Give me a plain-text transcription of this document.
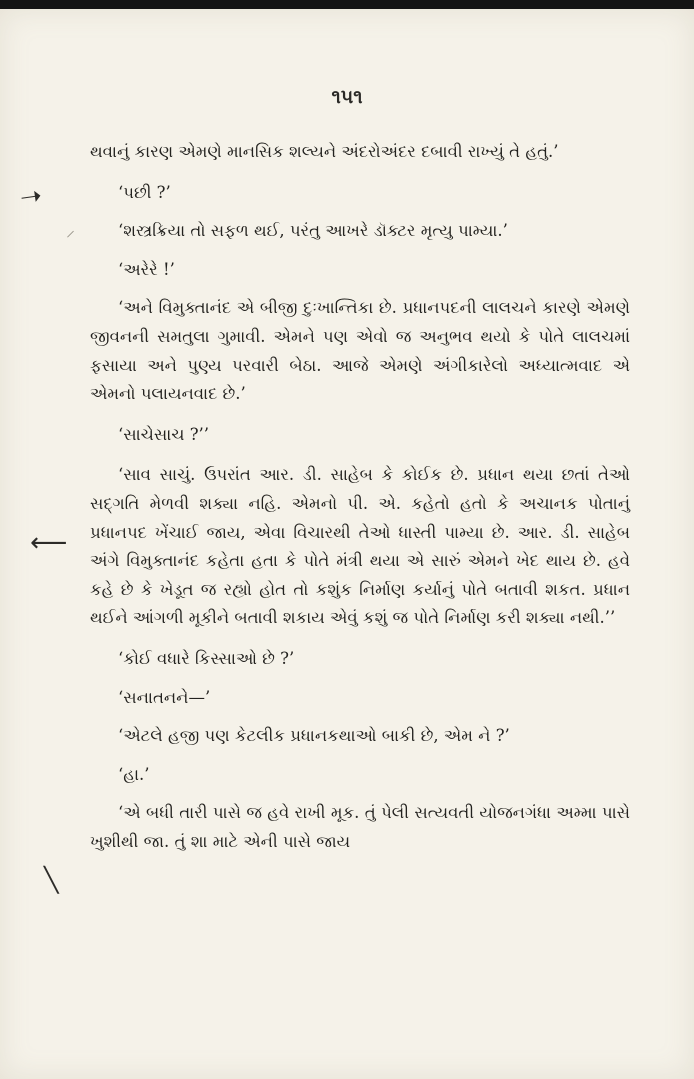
૧૫૧
➝
⸝
⟵
╲

થવાનું કારણ એમણે માનસિક શલ્યને અંદરોઅંદર દબાવી રાખ્યું તે હતું.’

‘પછી ?’

‘શસ્ત્રક્રિયા તો સફળ થઈ, પરંતુ આખરે ડૉક્ટર મૃત્યુ પામ્યા.’

‘અરેરે !’

‘અને વિમુક્તાનંદ એ બીજી દુઃખાન્તિકા છે. પ્રધાનપદની લાલચને કારણે એમણે જીવનની સમતુલા ગુમાવી. એમને પણ એવો જ અનુભવ થયો કે પોતે લાલચમાં ફસાયા અને પુણ્ય પરવારી બેઠા. આજે એમણે અંગીકારેલો અધ્યાત્મવાદ એ એમનો પલાયનવાદ છે.’

‘સાચેસાચ ?’’

‘સાવ સાચું. ઉપરાંત આર. ડી. સાહેબ કે કોઈક છે. પ્રધાન થયા છતાં તેઓ સદ્ગતિ મેળવી શક્યા નહિ. એમનો પી. એ. કહેતો હતો કે અચાનક પોતાનું પ્રધાનપદ ખેંચાઈ જાય, એવા વિચારથી તેઓ ધાસ્તી પામ્યા છે. આર. ડી. સાહેબ અંગે વિમુક્તાનંદ કહેતા હતા કે પોતે મંત્રી થયા એ સારું એમને ખેદ થાય છે. હવે કહે છે કે ખેડૂત જ રહ્યો હોત તો કશુંક નિર્માણ કર્યાનું પોતે બતાવી શકત. પ્રધાન થઈને આંગળી મૂકીને બતાવી શકાય એવું કશું જ પોતે નિર્માણ કરી શક્યા નથી.’’

‘કોઈ વધારે કિસ્સાઓ છે ?’

‘સનાતનને—’

‘એટલે હજી પણ કેટલીક પ્રધાનકથાઓ બાકી છે, એમ ને ?’

‘હા.’

‘એ બધી તારી પાસે જ હવે રાખી મૂક. તું પેલી સત્યવતી યોજનગંધા અમ્મા પાસે ખુશીથી જા. તું શા માટે એની પાસે જાય
